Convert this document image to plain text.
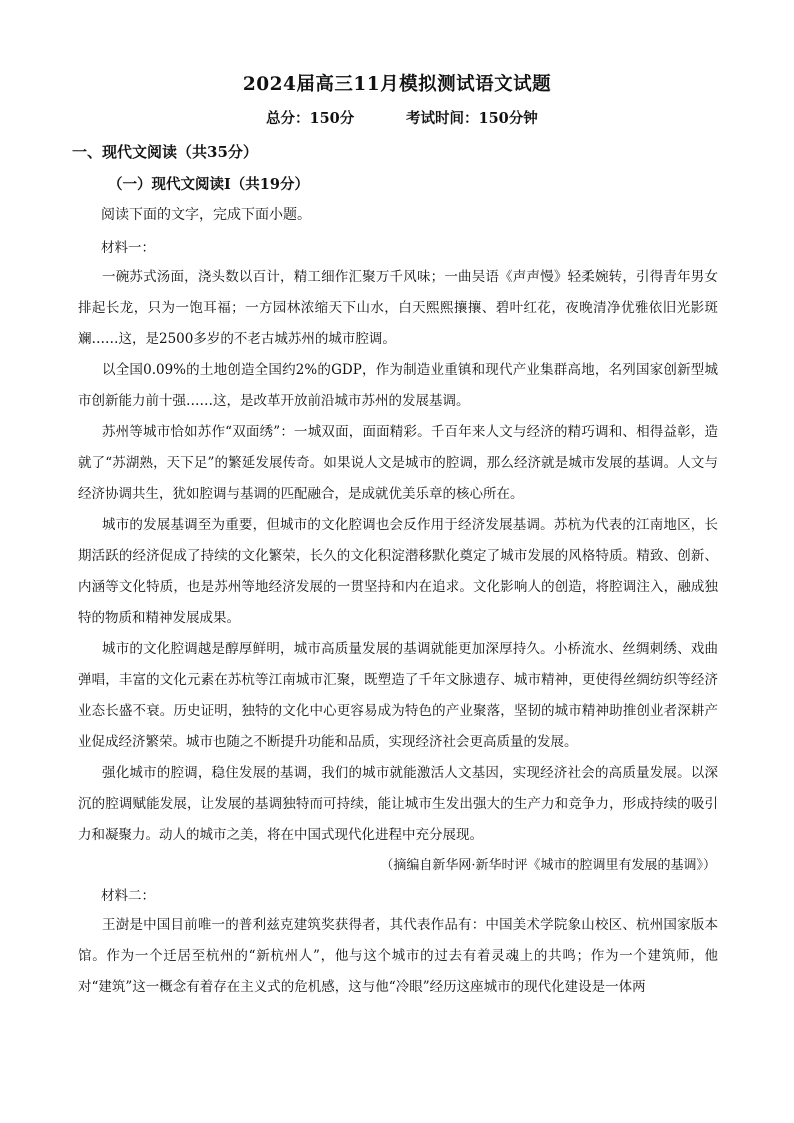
2024届高三11月模拟测试语文试题
总分：150分	考试时间：150分钟
一、现代文阅读（共35分）
（一）现代文阅读Ⅰ（共19分）
阅读下面的文字，完成下面小题。
材料一：

一碗苏式汤面，浇头数以百计，精工细作汇聚万千风味；一曲吴语《声声慢》轻柔婉转，引得青年男女排起长龙，只为一饱耳福；一方园林浓缩天下山水，白天熙熙攘攘、碧叶红花，夜晚清净优雅依旧光影斑斓……这，是2500多岁的不老古城苏州的城市腔调。

以全国0.09%的土地创造全国约2%的GDP，作为制造业重镇和现代产业集群高地，名列国家创新型城市创新能力前十强……这，是改革开放前沿城市苏州的发展基调。

苏州等城市恰如苏作“双面绣”：一城双面，面面精彩。千百年来人文与经济的精巧调和、相得益彰，造就了“苏湖熟，天下足”的繁延发展传奇。如果说人文是城市的腔调，那么经济就是城市发展的基调。人文与经济协调共生，犹如腔调与基调的匹配融合，是成就优美乐章的核心所在。

城市的发展基调至为重要，但城市的文化腔调也会反作用于经济发展基调。苏杭为代表的江南地区，长期活跃的经济促成了持续的文化繁荣，长久的文化积淀潜移默化奠定了城市发展的风格特质。精致、创新、内涵等文化特质，也是苏州等地经济发展的一贯坚持和内在追求。文化影响人的创造，将腔调注入，融成独特的物质和精神发展成果。

城市的文化腔调越是醇厚鲜明，城市高质量发展的基调就能更加深厚持久。小桥流水、丝绸刺绣、戏曲弹唱，丰富的文化元素在苏杭等江南城市汇聚，既塑造了千年文脉遗存、城市精神，更使得丝绸纺织等经济业态长盛不衰。历史证明，独特的文化中心更容易成为特色的产业聚落，坚韧的城市精神助推创业者深耕产业促成经济繁荣。城市也随之不断提升功能和品质，实现经济社会更高质量的发展。

强化城市的腔调，稳住发展的基调，我们的城市就能激活人文基因，实现经济社会的高质量发展。以深沉的腔调赋能发展，让发展的基调独特而可持续，能让城市生发出强大的生产力和竞争力，形成持续的吸引力和凝聚力。动人的城市之美，将在中国式现代化进程中充分展现。

（摘编自新华网·新华时评《城市的腔调里有发展的基调》）
材料二：

王澍是中国目前唯一的普利兹克建筑奖获得者，其代表作品有：中国美术学院象山校区、杭州国家版本馆。作为一个迁居至杭州的“新杭州人”，他与这个城市的过去有着灵魂上的共鸣；作为一个建筑师，他对“建筑”这一概念有着存在主义式的危机感，这与他“冷眼”经历这座城市的现代化建设是一体两
